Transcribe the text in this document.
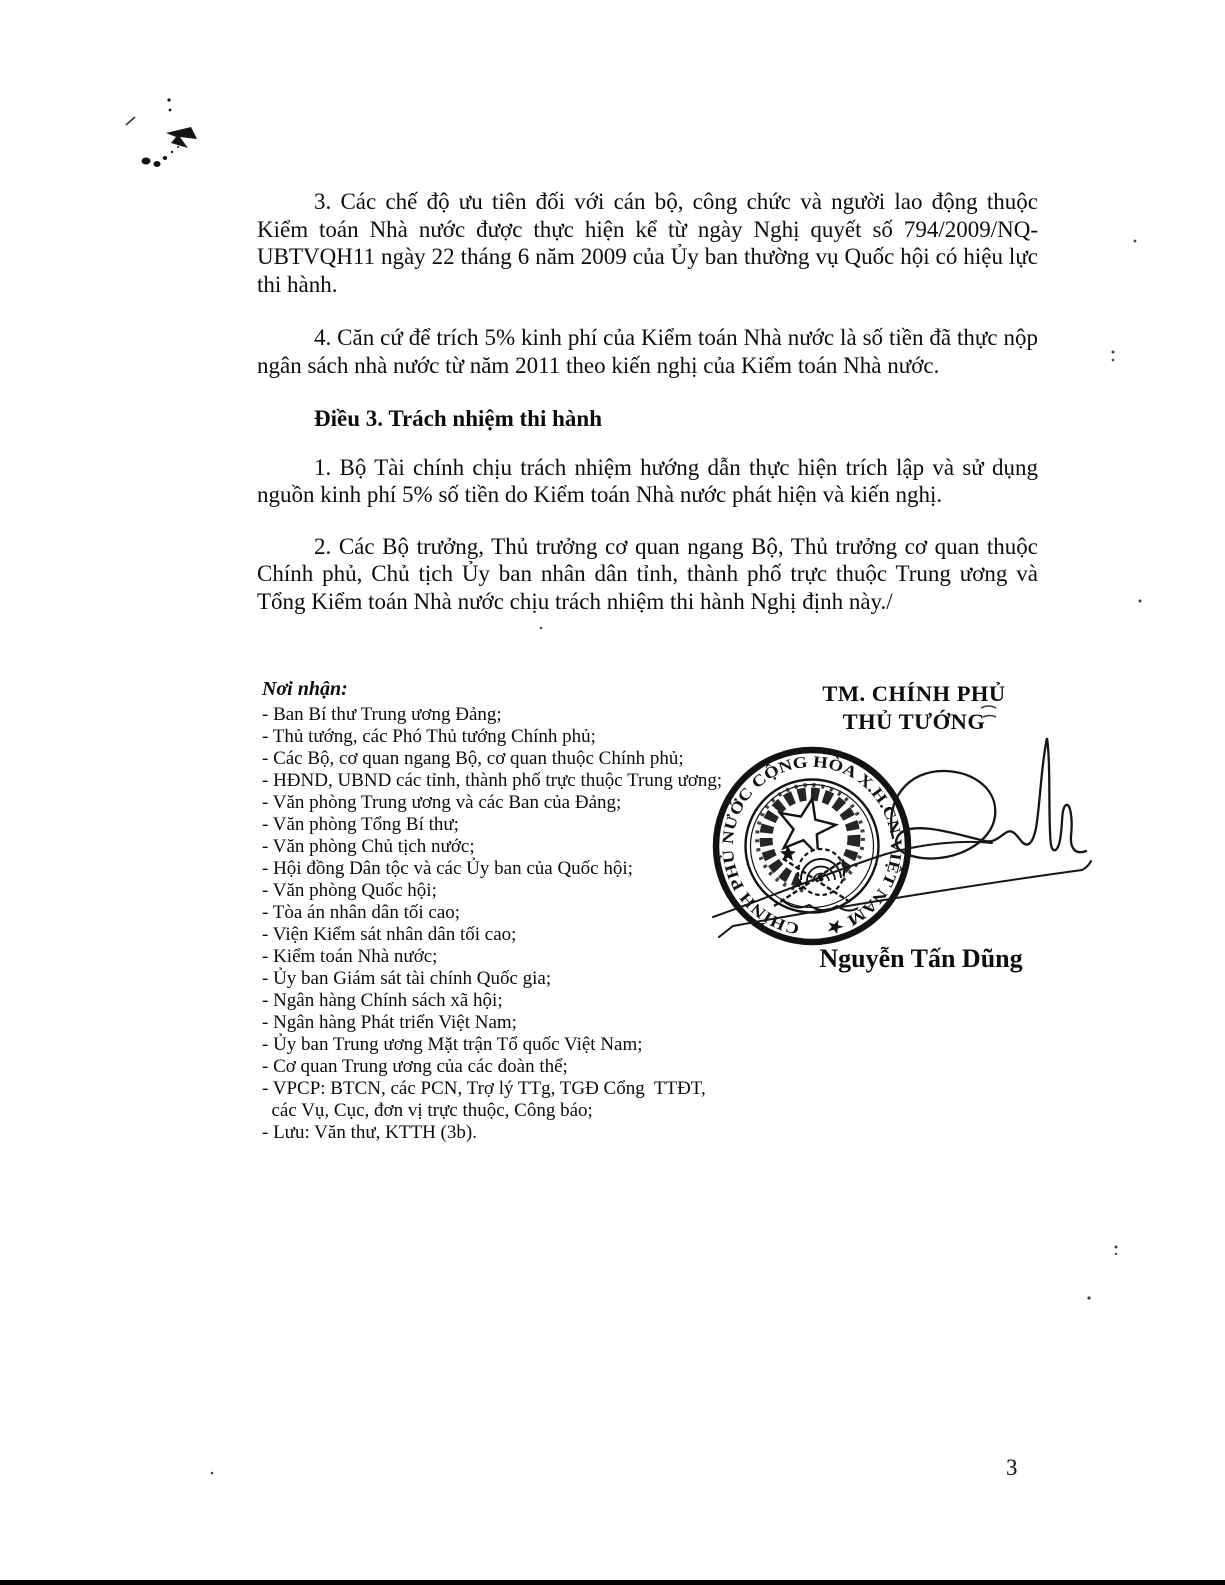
3. Các chế độ ưu tiên đối với cán bộ, công chức và người lao động thuộc Kiểm toán Nhà nước được thực hiện kể từ ngày Nghị quyết số 794/2009/NQ-UBTVQH11 ngày 22 tháng 6 năm 2009 của Ủy ban thường vụ Quốc hội có hiệu lực thi hành.

4. Căn cứ để trích 5% kinh phí của Kiểm toán Nhà nước là số tiền đã thực nộp ngân sách nhà nước từ năm 2011 theo kiến nghị của Kiểm toán Nhà nước.

Điều 3. Trách nhiệm thi hành

1. Bộ Tài chính chịu trách nhiệm hướng dẫn thực hiện trích lập và sử dụng nguồn kinh phí 5% số tiền do Kiểm toán Nhà nước phát hiện và kiến nghị.

2. Các Bộ trưởng, Thủ trưởng cơ quan ngang Bộ, Thủ trưởng cơ quan thuộc Chính phủ, Chủ tịch Ủy ban nhân dân tỉnh, thành phố trực thuộc Trung ương và Tổng Kiểm toán Nhà nước chịu trách nhiệm thi hành Nghị định này./

Nơi nhận:
- Ban Bí thư Trung ương Đảng;
- Thủ tướng, các Phó Thủ tướng Chính phủ;
- Các Bộ, cơ quan ngang Bộ, cơ quan thuộc Chính phủ;
- HĐND, UBND các tỉnh, thành phố trực thuộc Trung ương;
- Văn phòng Trung ương và các Ban của Đảng;
- Văn phòng Tổng Bí thư;
- Văn phòng Chủ tịch nước;
- Hội đồng Dân tộc và các Ủy ban của Quốc hội;
- Văn phòng Quốc hội;
- Tòa án nhân dân tối cao;
- Viện Kiểm sát nhân dân tối cao;
- Kiểm toán Nhà nước;
- Ủy ban Giám sát tài chính Quốc gia;
- Ngân hàng Chính sách xã hội;
- Ngân hàng Phát triển Việt Nam;
- Ủy ban Trung ương Mặt trận Tổ quốc Việt Nam;
- Cơ quan Trung ương của các đoàn thể;
- VPCP: BTCN, các PCN, Trợ lý TTg, TGĐ Cổng  TTĐT,
các Vụ, Cục, đơn vị trực thuộc, Công báo;
- Lưu: Văn thư, KTTH (3b).
TM. CHÍNH PHỦ
THỦ TƯỚNG
Nguyễn Tấn Dũng
3
CHÍNH PHỦ NƯỚC CỘNG HÒA X.H.CN VIỆT NAM ★
